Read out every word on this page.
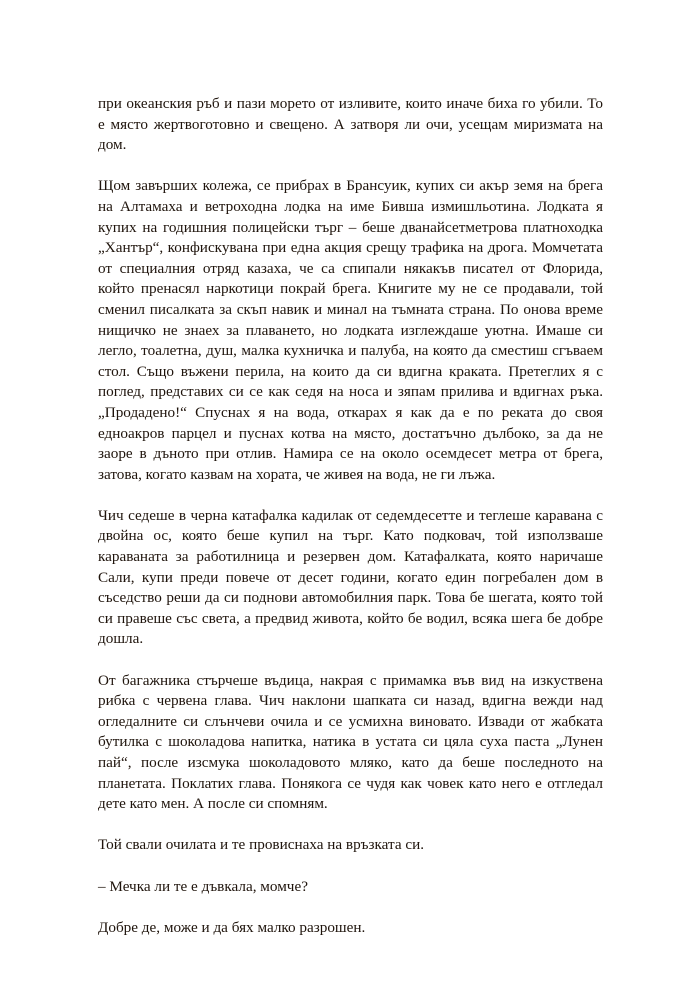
при океанския ръб и пази морето от изливите, които иначе биха го убили. То е място жертвоготовно и свещено. А затворя ли очи, усещам миризмата на дом.

Щом завърших колежа, се прибрах в Брансуик, купих си акър земя на брега на Алтамаха и ветроходна лодка на име Бивша измишльотина. Лодката я купих на годишния полицейски търг – беше дванайсетметрова платноходка „Хантър“, конфискувана при една акция срещу трафика на дрога. Момчетата от специалния отряд казаха, че са спипали някакъв писател от Флорида, който пренасял наркотици покрай брега. Книгите му не се продавали, той сменил писалката за скъп навик и минал на тъмната страна. По онова време нищичко не знаех за плаването, но лодката изглеждаше уютна. Имаше си легло, тоалетна, душ, малка кухничка и палуба, на която да сместиш сгъваем стол. Също въжени перила, на които да си вдигна краката. Претеглих я с поглед, представих си се как седя на носа и зяпам прилива и вдигнах ръка. „Продадено!“ Спуснах я на вода, откарах я как да е по реката до своя едноакров парцел и пуснах котва на място, достатъчно дълбоко, за да не заоре в дъното при отлив. Намира се на около осемдесет метра от брега, затова, когато казвам на хората, че живея на вода, не ги лъжа.

Чич седеше в черна катафалка кадилак от седемдесетте и теглеше каравана с двойна ос, която беше купил на търг. Като подковач, той използваше караваната за работилница и резервен дом. Катафалката, която наричаше Сали, купи преди повече от десет години, когато един погребален дом в съседство реши да си поднови автомобилния парк. Това бе шегата, която той си правеше със света, а предвид живота, който бе водил, всяка шега бе добре дошла.

От багажника стърчеше въдица, накрая с примамка във вид на изкуствена рибка с червена глава. Чич наклони шапката си назад, вдигна вежди над огледалните си слънчеви очила и се усмихна виновато. Извади от жабката бутилка с шоколадова напитка, натика в устата си цяла суха паста „Лунен пай“, после изсмука шоколадовото мляко, като да беше последното на планетата. Поклатих глава. Понякога се чудя как човек като него е отгледал дете като мен. А после си спомням.

Той свали очилата и те провиснаха на връзката си.

– Мечка ли те е дъвкала, момче?

Добре де, може и да бях малко разрошен.
